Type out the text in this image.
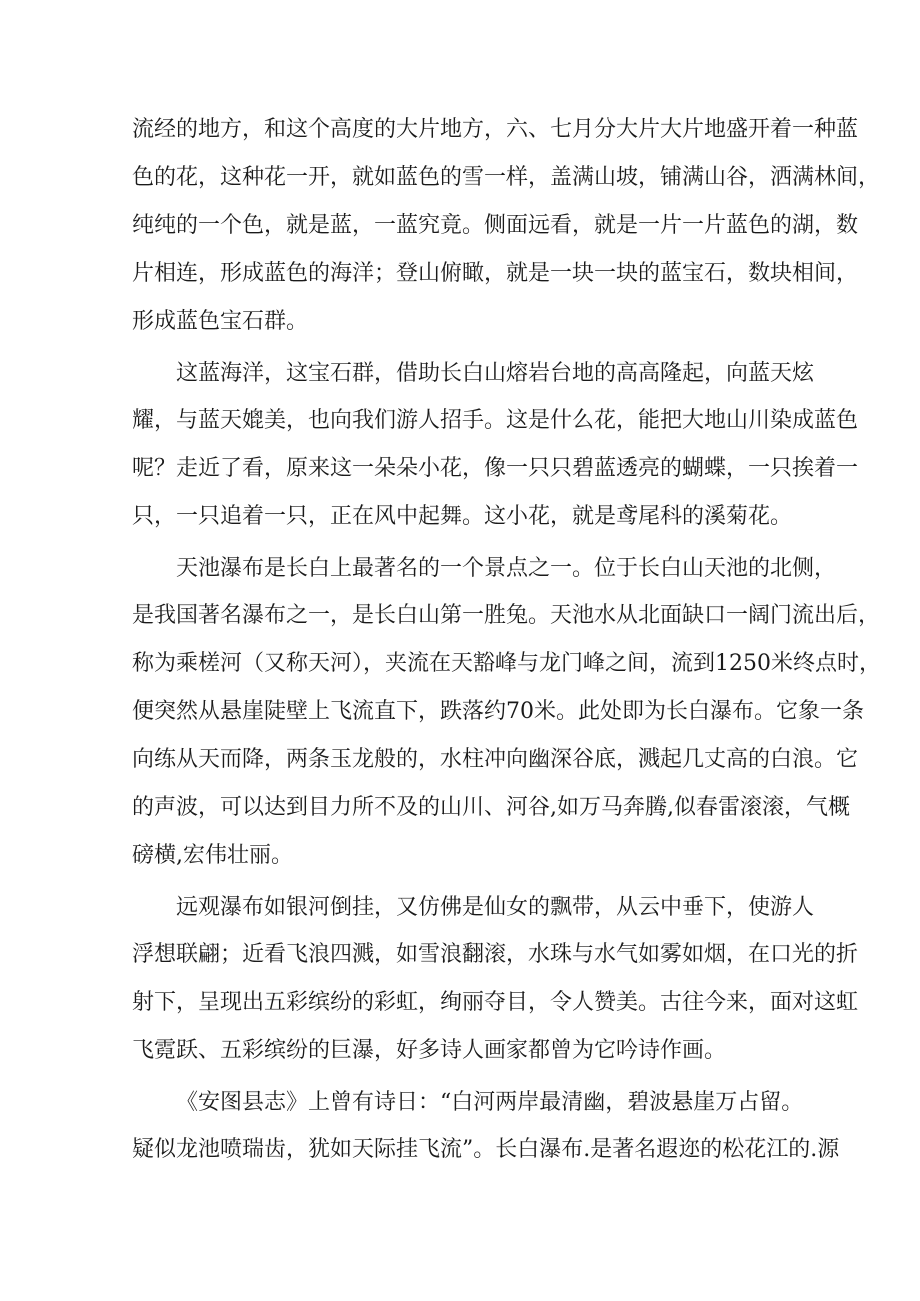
流经的地方，和这个高度的大片地方，六、七月分大片大片地盛开着一种蓝
色的花，这种花一开，就如蓝色的雪一样，盖满山坡，铺满山谷，洒满林间，
纯纯的一个色，就是蓝，一蓝究竟。侧面远看，就是一片一片蓝色的湖，数
片相连，形成蓝色的海洋；登山俯瞰，就是一块一块的蓝宝石，数块相间，
形成蓝色宝石群。
这蓝海洋，这宝石群，借助长白山熔岩台地的高高隆起，向蓝天炫
耀，与蓝天媲美，也向我们游人招手。这是什么花，能把大地山川染成蓝色
呢？走近了看，原来这一朵朵小花，像一只只碧蓝透亮的蝴蝶，一只挨着一
只，一只追着一只，正在风中起舞。这小花，就是鸢尾科的溪菊花。
天池瀑布是长白上最著名的一个景点之一。位于长白山天池的北侧，
是我国著名瀑布之一，是长白山第一胜兔。天池水从北面缺口一阔门流出后，
称为乘槎河（又称天河），夹流在天豁峰与龙门峰之间，流到1250米终点时，
便突然从悬崖陡壁上飞流直下，跌落约70米。此处即为长白瀑布。它象一条
向练从天而降，两条玉龙般的，水柱冲向幽深谷底，溅起几丈高的白浪。它
的声波，可以达到目力所不及的山川、河谷,如万马奔腾,似春雷滚滚，气概
磅横,宏伟壮丽。
远观瀑布如银河倒挂，又仿佛是仙女的飘带，从云中垂下，使游人
浮想联翩；近看飞浪四溅，如雪浪翻滚，水珠与水气如雾如烟，在口光的折
射下，呈现出五彩缤纷的彩虹，绚丽夺目，令人赞美。古往今来，面对这虹
飞霓跃、五彩缤纷的巨瀑，好多诗人画家都曾为它吟诗作画。
《安图县志》上曾有诗日：“白河两岸最清幽，碧波悬崖万占留。
疑似龙池喷瑞齿，犹如天际挂飞流”。长白瀑布.是著名遐迩的松花江的.源
